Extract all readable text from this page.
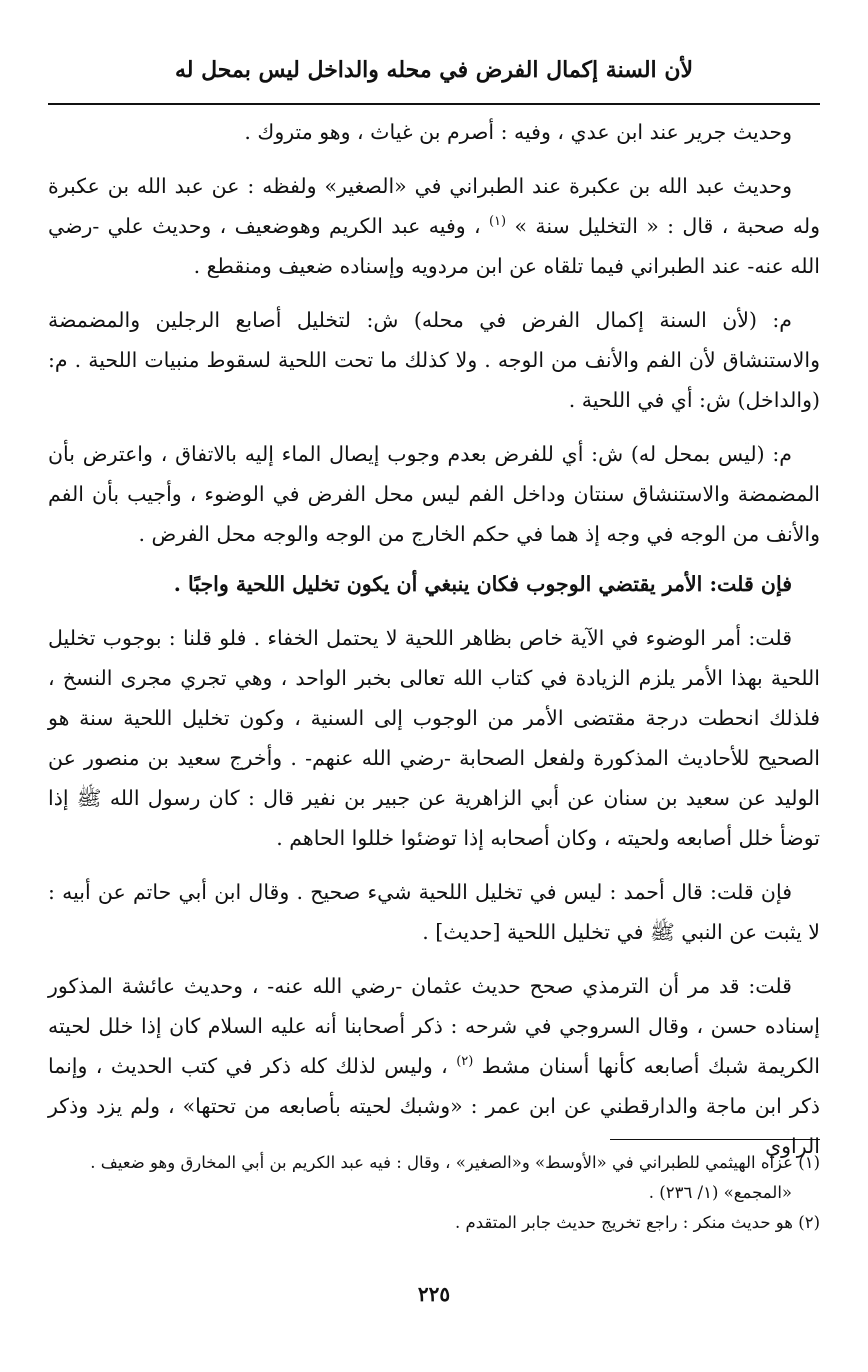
لأن السنة إكمال الفرض في محله والداخل ليس بمحل له

وحديث جرير عند ابن عدي ، وفيه : أصرم بن غياث ، وهو متروك .

وحديث عبد الله بن عكبرة عند الطبراني في «الصغير» ولفظه : عن عبد الله بن عكبرة وله صحبة ، قال : « التخليل سنة » $^{(١)}$ ، وفيه عبد الكريم وهوضعيف ، وحديث علي -رضي الله عنه- عند الطبراني فيما تلقاه عن ابن مردويه وإسناده ضعيف ومنقطع .

م: (لأن السنة إكمال الفرض في محله) ش: لتخليل أصابع الرجلين والمضمضة والاستنشاق لأن الفم والأنف من الوجه . ولا كذلك ما تحت اللحية لسقوط منبيات اللحية . م: (والداخل) ش: أي في اللحية .

م: (ليس بمحل له) ش: أي للفرض بعدم وجوب إيصال الماء إليه بالاتفاق ، واعترض بأن المضمضة والاستنشاق سنتان وداخل الفم ليس محل الفرض في الوضوء ، وأجيب بأن الفم والأنف من الوجه في وجه إذ هما في حكم الخارج من الوجه والوجه محل الفرض .

فإن قلت: الأمر يقتضي الوجوب فكان ينبغي أن يكون تخليل اللحية واجبًا .

قلت: أمر الوضوء في الآية خاص بظاهر اللحية لا يحتمل الخفاء . فلو قلنا : بوجوب تخليل اللحية بهذا الأمر يلزم الزيادة في كتاب الله تعالى بخبر الواحد ، وهي تجري مجرى النسخ ، فلذلك انحطت درجة مقتضى الأمر من الوجوب إلى السنية ، وكون تخليل اللحية سنة هو الصحيح للأحاديث المذكورة ولفعل الصحابة -رضي الله عنهم- . وأخرج سعيد بن منصور عن الوليد عن سعيد بن سنان عن أبي الزاهرية عن جبير بن نفير قال : كان رسول الله ﷺ إذا توضأ خلل أصابعه ولحيته ، وكان أصحابه إذا توضئوا خللوا الحاهم .

فإن قلت: قال أحمد : ليس في تخليل اللحية شيء صحيح . وقال ابن أبي حاتم عن أبيه : لا يثبت عن النبي ﷺ في تخليل اللحية [حديث] .

قلت: قد مر أن الترمذي صحح حديث عثمان -رضي الله عنه- ، وحديث عائشة المذكور إسناده حسن ، وقال السروجي في شرحه : ذكر أصحابنا أنه عليه السلام كان إذا خلل لحيته الكريمة شبك أصابعه كأنها أسنان مشط $^{(٢)}$ ، وليس لذلك كله ذكر في كتب الحديث ، وإنما ذكر ابن ماجة والدارقطني عن ابن عمر : «وشبك لحيته بأصابعه من تحتها» ، ولم يزد وذكر الراوي

(١) عزاه الهيثمي للطبراني في «الأوسط» و«الصغير» ، وقال : فيه عبد الكريم بن أبي المخارق وهو ضعيف .

«المجمع» (١/ ٢٣٦) .

(٢) هو حديث منكر : راجع تخريج حديث جابر المتقدم .

٢٢٥
